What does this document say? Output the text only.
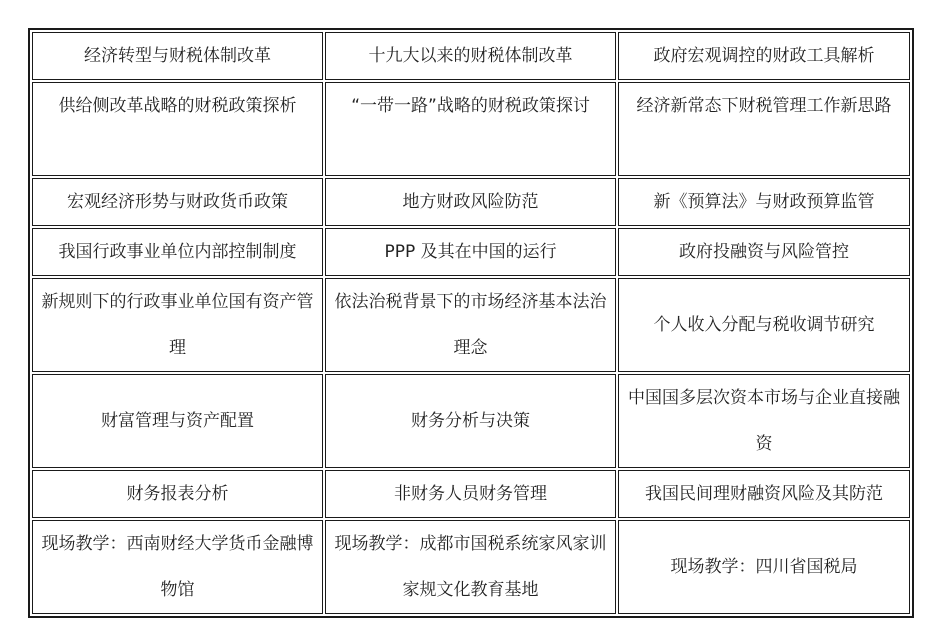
经济转型与财税体制改革	十九大以来的财税体制改革	政府宏观调控的财政工具解析
供给侧改革战略的财税政策探析	“一带一路”战略的财税政策探讨	经济新常态下财税管理工作新思路
宏观经济形势与财政货币政策	地方财政风险防范	新《预算法》与财政预算监管
我国行政事业单位内部控制制度	PPP 及其在中国的运行	政府投融资与风险管控
新规则下的行政事业单位国有资产管理	依法治税背景下的市场经济基本法治理念	个人收入分配与税收调节研究
财富管理与资产配置	财务分析与决策	中国国多层次资本市场与企业直接融资
财务报表分析	非财务人员财务管理	我国民间理财融资风险及其防范
现场教学：西南财经大学货币金融博物馆	现场教学：成都市国税系统家风家训家规文化教育基地	现场教学：四川省国税局
